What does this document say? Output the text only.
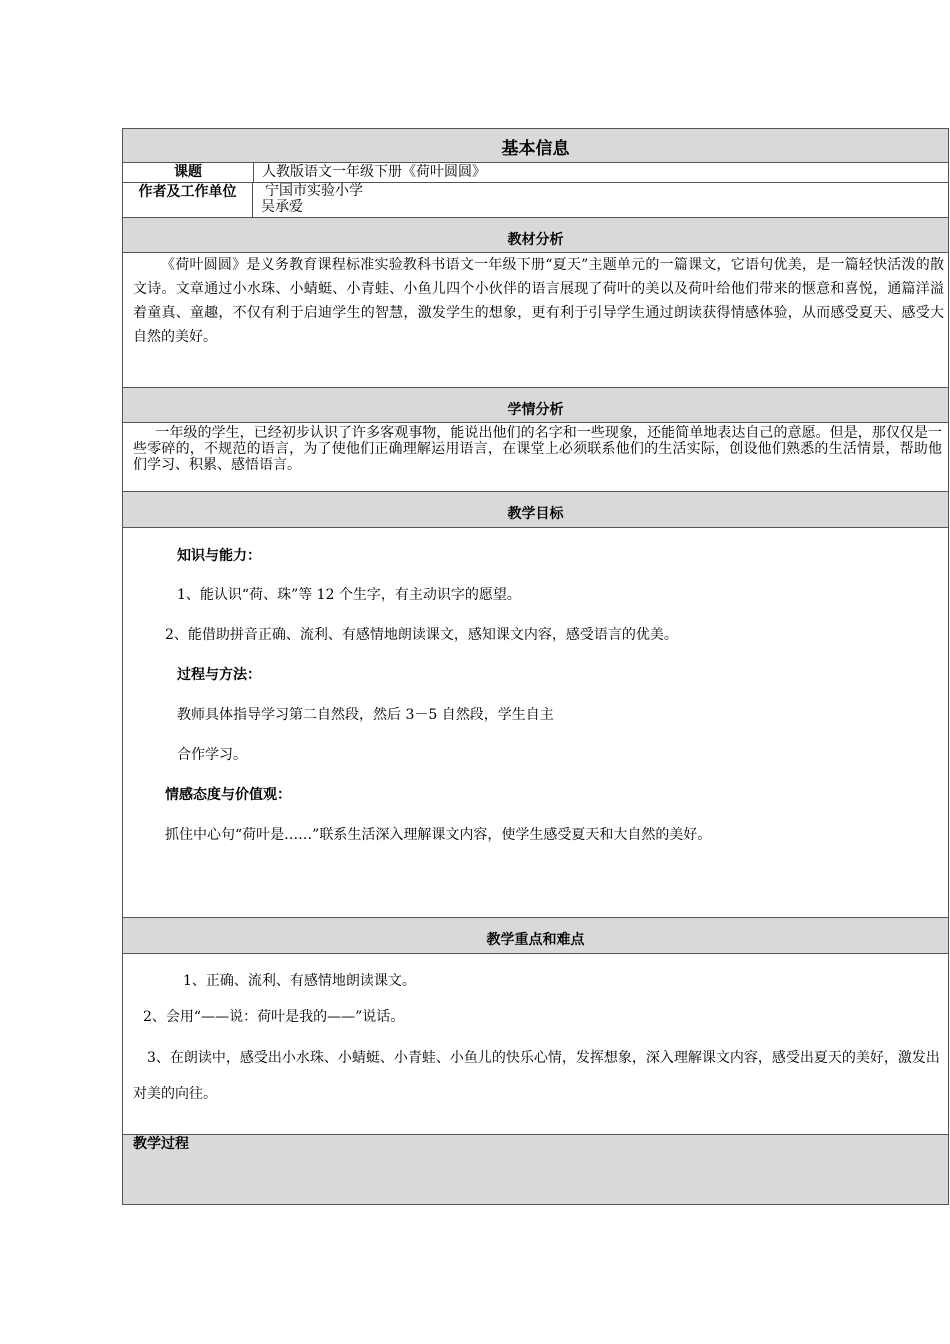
基本信息
课题	人教版语文一年级下册《荷叶圆圆》
作者及工作单位	宁国市实验小学
吴承爱
教材分析
《荷叶圆圆》是义务教育课程标准实验教科书语文一年级下册“夏天”主题单元的一篇课文，它语句优美，是一篇轻快活泼的散文诗。文章通过小水珠、小蜻蜓、小青蛙、小鱼儿四个小伙伴的语言展现了荷叶的美以及荷叶给他们带来的惬意和喜悦，通篇洋溢着童真、童趣，不仅有利于启迪学生的智慧，激发学生的想象，更有利于引导学生通过朗读获得情感体验，从而感受夏天、感受大自然的美好。
学情分析
一年级的学生，已经初步认识了许多客观事物，能说出他们的名字和一些现象，还能简单地表达自己的意愿。但是，那仅仅是一些零碎的，不规范的语言，为了使他们正确理解运用语言，在课堂上必须联系他们的生活实际，创设他们熟悉的生活情景，帮助他们学习、积累、感悟语言。
教学目标
知识与能力：
1、能认识“荷、珠”等 12 个生字，有主动识字的愿望。
2、能借助拼音正确、流利、有感情地朗读课文，感知课文内容，感受语言的优美。
过程与方法：
教师具体指导学习第二自然段，然后 3－5 自然段，学生自主
合作学习。
情感态度与价值观：
抓住中心句“荷叶是……”联系生活深入理解课文内容，使学生感受夏天和大自然的美好。
教学重点和难点
1、正确、流利、有感情地朗读课文。
2、会用“——说：荷叶是我的——”说话。
3、在朗读中，感受出小水珠、小蜻蜓、小青蛙、小鱼儿的快乐心情，发挥想象，深入理解课文内容，感受出夏天的美好，激发出对美的向往。
教学过程
